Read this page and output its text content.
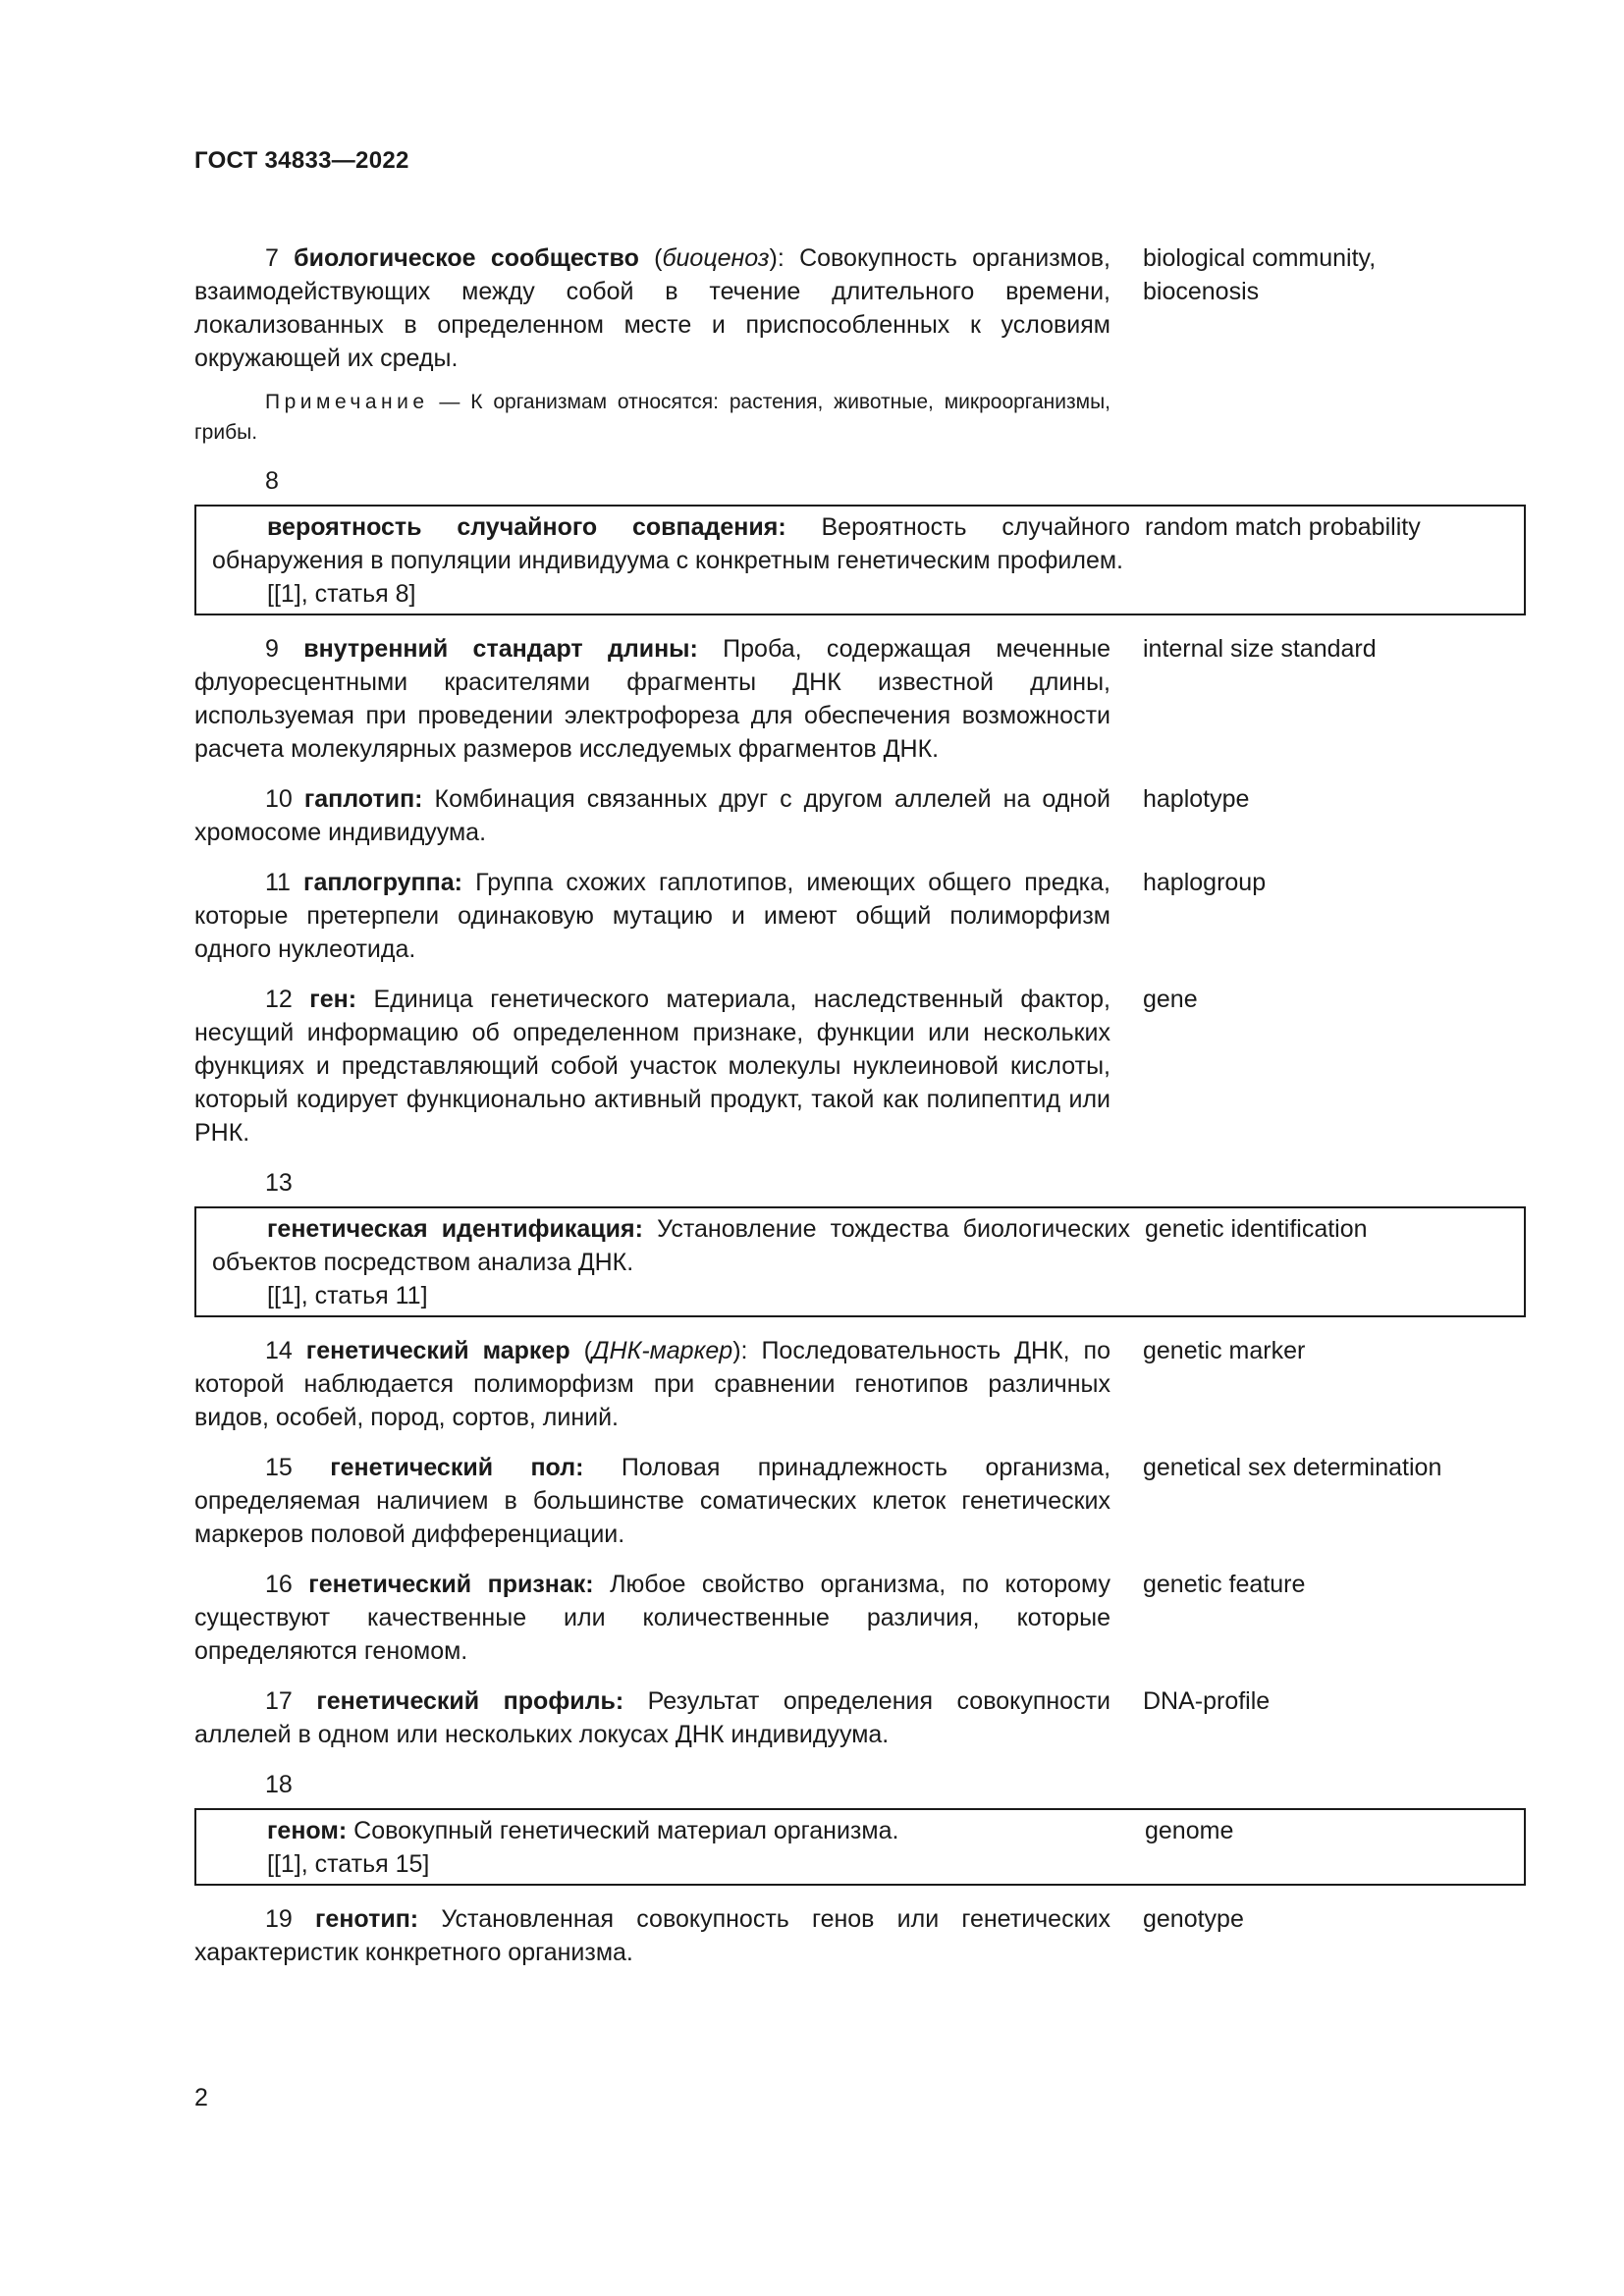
ГОСТ 34833—2022
7 биологическое сообщество (биоценоз): Совокупность организмов, взаимодействующих между собой в течение длительного времени, локализованных в определенном месте и приспособленных к условиям окружающей их среды.
biological community,
biocenosis
Примечание — К организмам относятся: растения, животные, микроорганизмы, грибы.
8
вероятность случайного совпадения: Вероятность случайного обнаружения в популяции индивидуума с конкретным генетическим профилем.
[[1], статья 8]
random match probability
9 внутренний стандарт длины: Проба, содержащая меченные флуоресцентными красителями фрагменты ДНК известной длины, используемая при проведении электрофореза для обеспечения возможности расчета молекулярных размеров исследуемых фрагментов ДНК.
internal size standard
10 гаплотип: Комбинация связанных друг с другом аллелей на одной хромосоме индивидуума.
haplotype
11 гаплогруппа: Группа схожих гаплотипов, имеющих общего предка, которые претерпели одинаковую мутацию и имеют общий полиморфизм одного нуклеотида.
haplogroup
12 ген: Единица генетического материала, наследственный фактор, несущий информацию об определенном признаке, функции или нескольких функциях и представляющий собой участок молекулы нуклеиновой кислоты, который кодирует функционально активный продукт, такой как полипептид или РНК.
gene
13
генетическая идентификация: Установление тождества биологических объектов посредством анализа ДНК.
[[1], статья 11]
genetic identification
14 генетический маркер (ДНК-маркер): Последовательность ДНК, по которой наблюдается полиморфизм при сравнении генотипов различных видов, особей, пород, сортов, линий.
genetic marker
15 генетический пол: Половая принадлежность организма, определяемая наличием в большинстве соматических клеток генетических маркеров половой дифференциации.
genetical sex determination
16 генетический признак: Любое свойство организма, по которому существуют качественные или количественные различия, которые определяются геномом.
genetic feature
17 генетический профиль: Результат определения совокупности аллелей в одном или нескольких локусах ДНК индивидуума.
DNA-profile
18
геном: Совокупный генетический материал организма.
[[1], статья 15]
genome
19 генотип: Установленная совокупность генов или генетических характеристик конкретного организма.
genotype
2
